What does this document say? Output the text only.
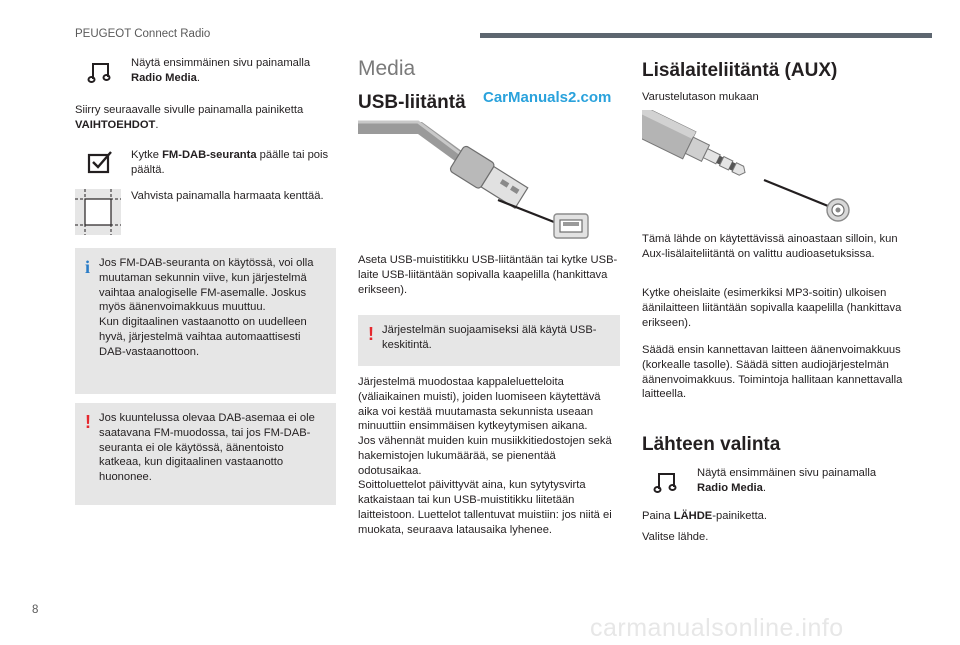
PEUGEOT Connect Radio
Näytä ensimmäinen sivu painamalla
Radio Media.
Siirry seuraavalle sivulle painamalla painiketta
VAIHTOEHDOT.
Kytke FM-DAB-seuranta päälle tai pois päältä.
Vahvista painamalla harmaata kenttää.
i Jos FM-DAB-seuranta on käytössä, voi olla muutaman sekunnin viive, kun järjestelmä vaihtaa analogiselle FM-asemalle. Joskus myös äänenvoimakkuus muuttuu.
Kun digitaalinen vastaanotto on uudelleen hyvä, järjestelmä vaihtaa automaattisesti DAB-vastaanottoon.
! Jos kuuntelussa olevaa DAB-asemaa ei ole saatavana FM-muodossa, tai jos FM-DAB-seuranta ei ole käytössä, äänentoisto katkeaa, kun digitaalinen vastaanotto huononee.
Media
USB-liitäntä CarManuals2.com
Aseta USB-muistitikku USB-liitäntään tai kytke USB-laite USB-liitäntään sopivalla kaapelilla (hankittava erikseen).
! Järjestelmän suojaamiseksi älä käytä USB-keskitintä.
Järjestelmä muodostaa kappaleluetteloita (väliaikainen muisti), joiden luomiseen käytettävä aika voi kestää muutamasta sekunnista useaan minuuttiin ensimmäisen kytkeytymisen aikana.
Jos vähennät muiden kuin musiikkitiedostojen sekä hakemistojen lukumäärää, se pienentää odotusaikaa.
Soittoluettelot päivittyvät aina, kun sytytysvirta katkaistaan tai kun USB-muistitikku liitetään laitteistoon. Luettelot tallentuvat muistiin: jos niitä ei muokata, seuraava latausaika lyhenee.
Lisälaiteliitäntä (AUX)
Varustelutason mukaan
Tämä lähde on käytettävissä ainoastaan silloin, kun Aux-lisälaiteliitäntä on valittu audioasetuksissa.
Kytke oheislaite (esimerkiksi MP3-soitin) ulkoisen äänilaitteen liitäntään sopivalla kaapelilla (hankittava erikseen).
Säädä ensin kannettavan laitteen äänenvoimakkuus (korkealle tasolle). Säädä sitten audiojärjestelmän äänenvoimakkuus. Toimintoja hallitaan kannettavalla laitteella.
Lähteen valinta
Näytä ensimmäinen sivu painamalla
Radio Media.
Paina LÄHDE-painiketta.
Valitse lähde.
8
carmanualsonline.info
